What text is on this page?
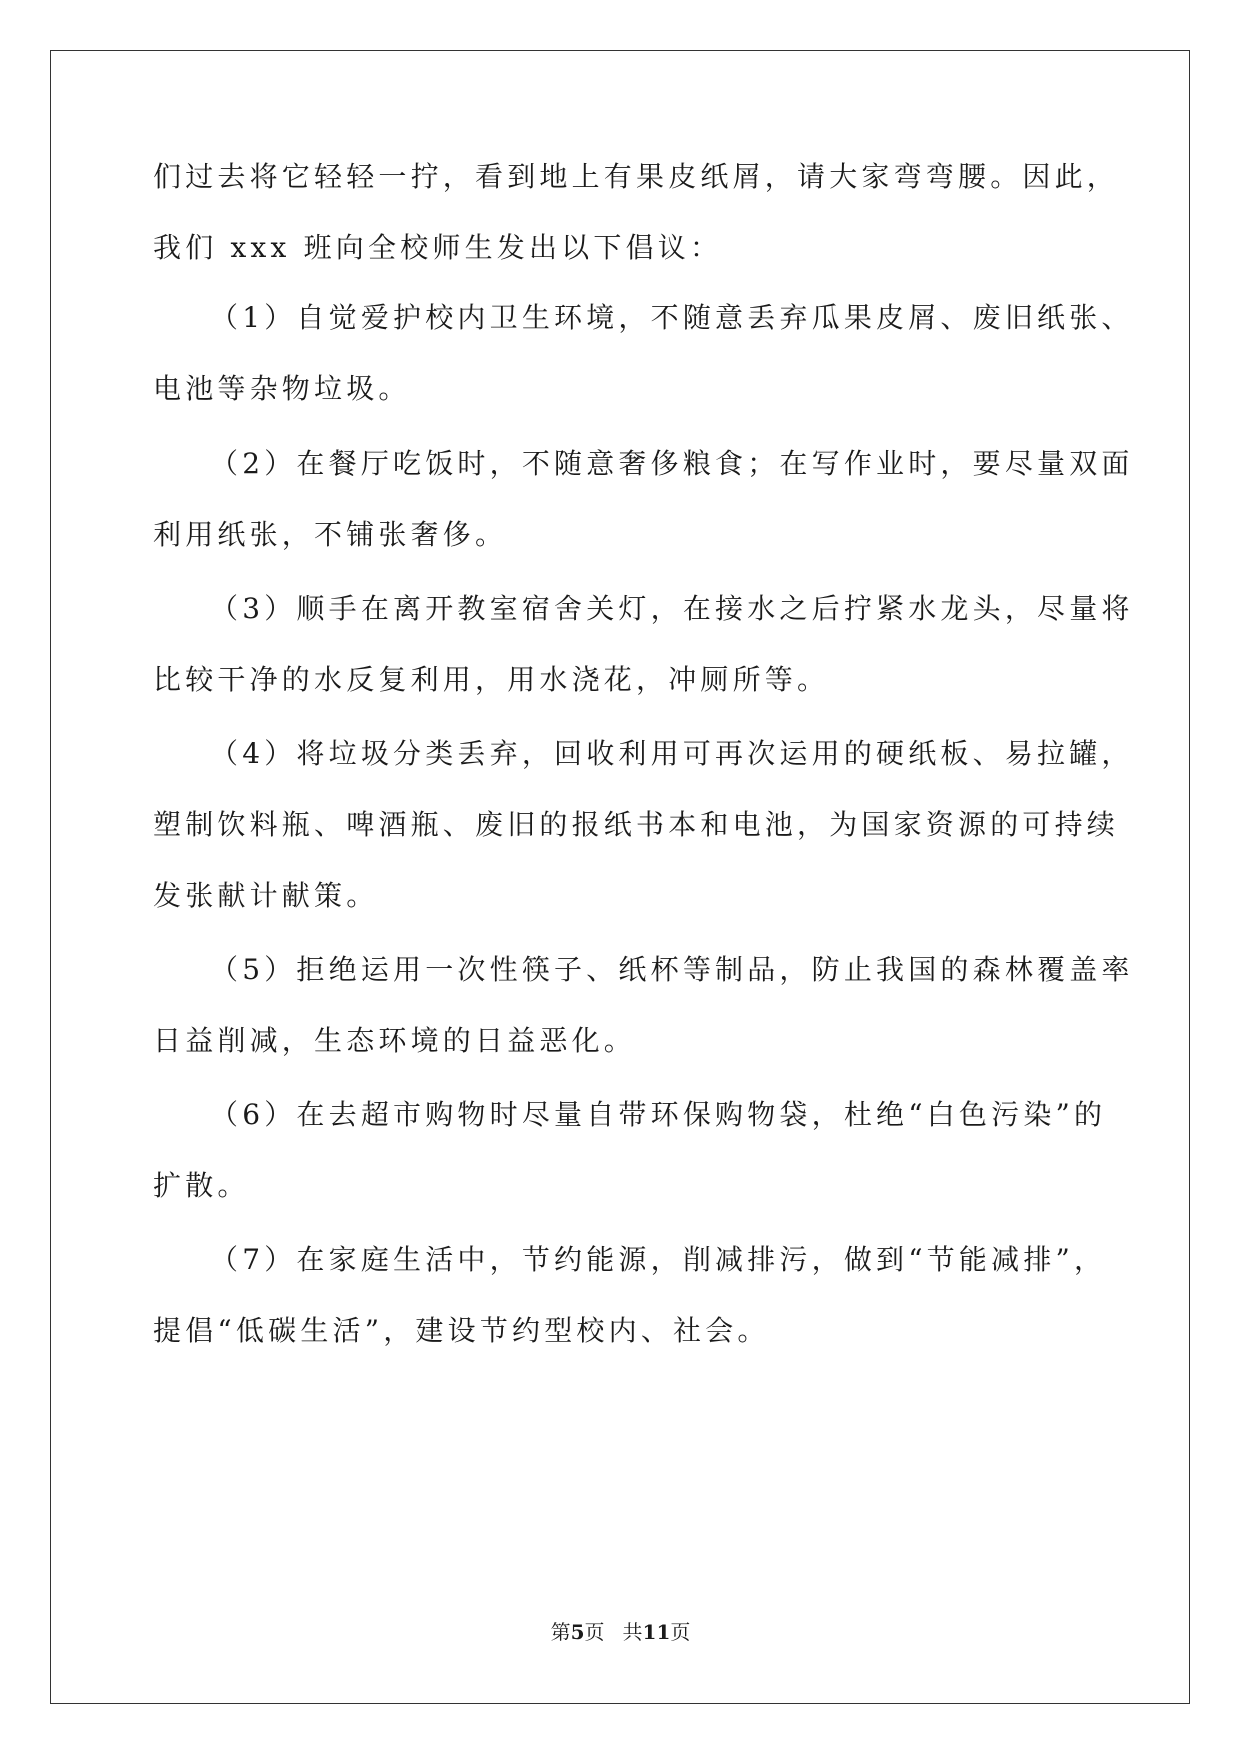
们过去将它轻轻一拧，看到地上有果皮纸屑，请大家弯弯腰。因此，
我们 xxx 班向全校师生发出以下倡议：
（1）自觉爱护校内卫生环境，不随意丢弃瓜果皮屑、废旧纸张、
电池等杂物垃圾。
（2）在餐厅吃饭时，不随意奢侈粮食；在写作业时，要尽量双面
利用纸张，不铺张奢侈。
（3）顺手在离开教室宿舍关灯，在接水之后拧紧水龙头，尽量将
比较干净的水反复利用，用水浇花，冲厕所等。
（4）将垃圾分类丢弃，回收利用可再次运用的硬纸板、易拉罐，
塑制饮料瓶、啤酒瓶、废旧的报纸书本和电池，为国家资源的可持续
发张献计献策。
（5）拒绝运用一次性筷子、纸杯等制品，防止我国的森林覆盖率
日益削减，生态环境的日益恶化。
（6）在去超市购物时尽量自带环保购物袋，杜绝“白色污染”的
扩散。
（7）在家庭生活中，节约能源，削减排污，做到“节能减排”，
提倡“低碳生活”，建设节约型校内、社会。
第5页 共11页
